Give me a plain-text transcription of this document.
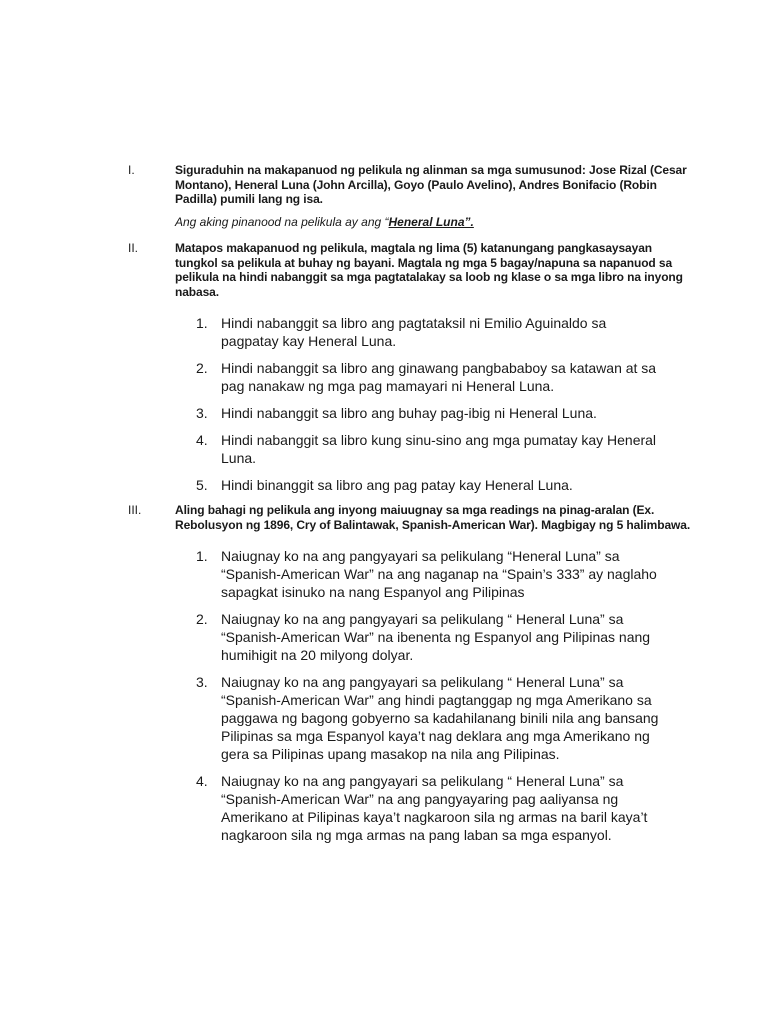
I.	Siguraduhin na makapanuod ng pelikula ng alinman sa mga sumusunod: Jose Rizal (Cesar Montano), Heneral Luna (John Arcilla), Goyo (Paulo Avelino), Andres Bonifacio (Robin Padilla) pumili lang ng isa.
Ang aking pinanood na pelikula ay ang “Heneral Luna”.
II.	Matapos makapanuod ng pelikula, magtala ng lima (5) katanungang pangkasaysayan tungkol sa pelikula at buhay ng bayani. Magtala ng mga 5 bagay/napuna sa napanuod sa pelikula na hindi nabanggit sa mga pagtatalakay sa loob ng klase o sa mga libro na inyong nabasa.
1. Hindi nabanggit sa libro ang pagtataksil ni Emilio Aguinaldo sa pagpatay kay Heneral Luna.
2. Hindi nabanggit sa libro ang ginawang pangbababoy sa katawan at sa pag nanakaw ng mga pag mamayari ni Heneral Luna.
3. Hindi nabanggit sa libro ang buhay pag-ibig ni Heneral Luna.
4. Hindi nabanggit sa libro kung sinu-sino ang mga pumatay kay Heneral Luna.
5. Hindi binanggit sa libro ang pag patay kay Heneral Luna.
III.	Aling bahagi ng pelikula ang inyong maiuugnay sa mga readings na pinag-aralan (Ex. Rebolusyon ng 1896, Cry of Balintawak, Spanish-American War). Magbigay ng 5 halimbawa.
1. Naiugnay ko na ang pangyayari sa pelikulang “Heneral Luna” sa “Spanish-American War” na ang naganap na “Spain’s 333” ay naglaho sapagkat isinuko na nang Espanyol ang Pilipinas
2. Naiugnay ko na ang pangyayari sa pelikulang “ Heneral Luna” sa “Spanish-American War” na ibenenta ng Espanyol ang Pilipinas nang humihigit na 20 milyong dolyar.
3. Naiugnay ko na ang pangyayari sa pelikulang “ Heneral Luna” sa “Spanish-American War” ang hindi pagtanggap ng mga Amerikano sa paggawa ng bagong gobyerno sa kadahilanang binili nila ang bansang Pilipinas sa mga Espanyol kaya’t nag deklara ang mga Amerikano ng gera sa Pilipinas upang masakop na nila ang Pilipinas.
4. Naiugnay ko na ang pangyayari sa pelikulang “ Heneral Luna” sa “Spanish-American War” na ang pangyayaring pag aaliyansa ng Amerikano at Pilipinas kaya’t nagkaroon sila ng armas na baril kaya’t nagkaroon sila ng mga armas na pang laban sa mga espanyol.
